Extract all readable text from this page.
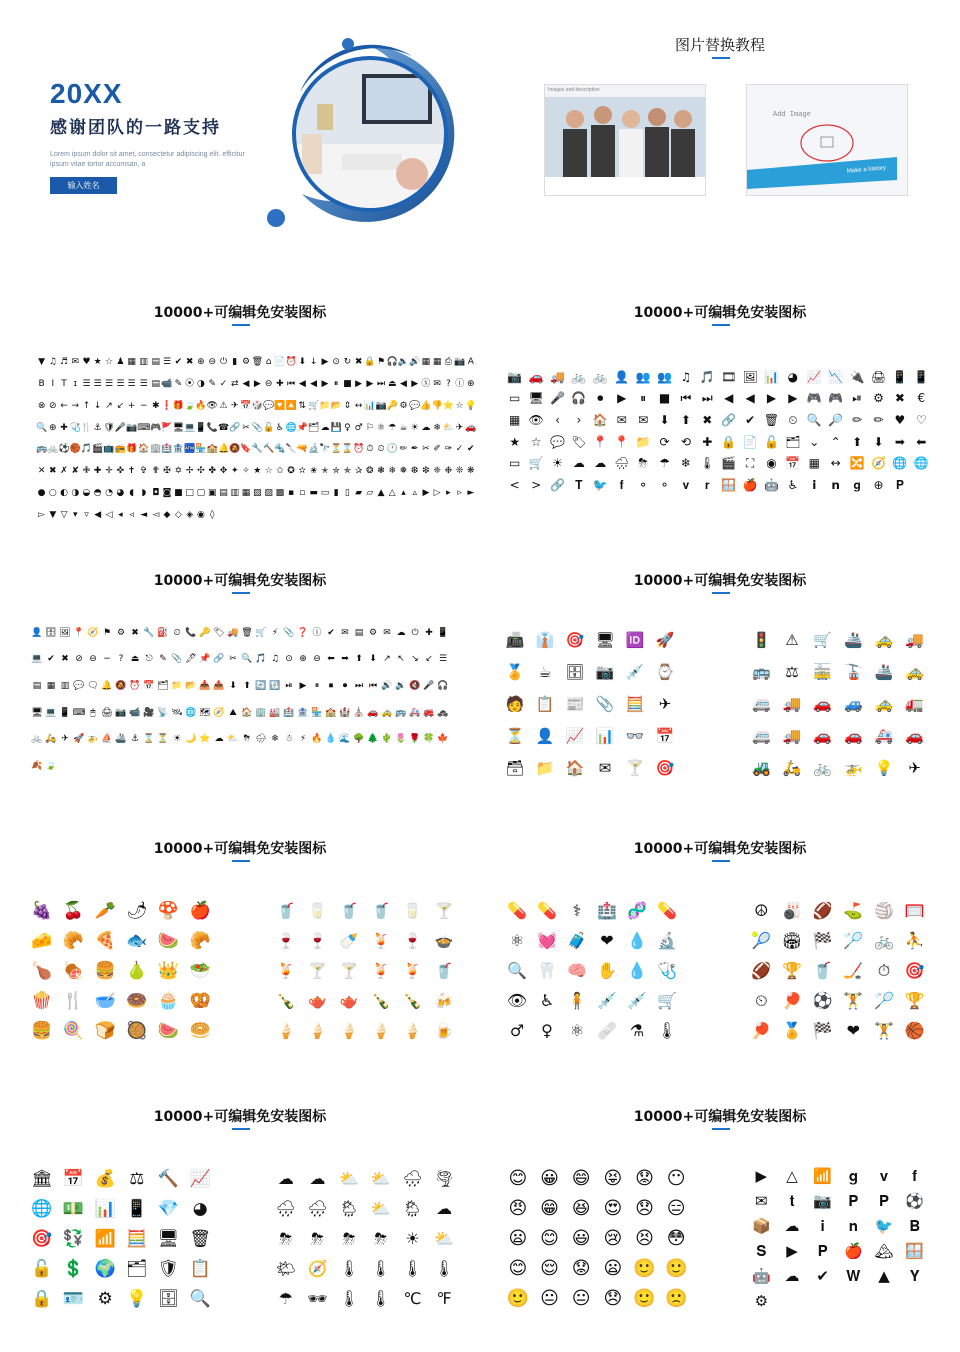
20XX
感谢团队的一路支持
Lorem ipsum dolor sit amet, consectetur adipiscing elit. efficitur ipsum vitae tortor accumsan, a
输入姓名
图片替换教程
Images and description
Add Image
Make a history
10000+可编辑免安装图标
▼ ♫ ♬ ✉ ♥ ★ ☆ ♟ ▦ ▥ ▤ ☰ ✔ ✖ ⊕ ⊖ ⏻ ▮ ⚙ 🗑 ⌂ 📄 ⏰ ⬇ ↓ ▶ ⊙ ↻ ✖ 🔒 ⚑ 🎧 🔉 🔊 ▦ ▦ ⎙ 📷 A
B I T ɪ ☰ ☰ ☰ ☰ ☰ ☰ ▤ 📹 ✎ ⦿ ◑ ✎ ✓ ⇄ ◀ ▶ ⊖ ✚ ⏮ ◀ ◀ ▶ ⏸ ■ ▶ ▶ ⏭ ⏏ ◀ ▶ ⓧ ✉ ? ⓘ ⊕
⊗ ⊘ ← → ↑ ↓ ↗ ↙ + − ✱ ❗ 🎁 🍃 🔥 👁 ⚠ ✈ 📅 🎲 💬 🔽 🔼 ⇅ 🛒 📁 📂 ⇕ ↔ 📊 📷 🔑 ⚙ 💬 👍 👎 ⭐ ☆ 💡
🔍 ⊕ ✚ 🩺 🍴 ⚓ 🛡 🎤 📷 ⌨ 🎮 🚩 🖥 💻 📱 📞 ☎ 🔗 ✂ 📎 🔓 ♿ 🌐 📌 🗂 ☁ 💾 ♀ ♂ ⚐ ⚛ ☂ ☕ ☀ ☁ ❄ ⛅ ✈ 🚗
🚌 🚲 ⚽ 🏀 🎵 🎬 📺 📻 🎁 🏠 🏢 🏥 🏦 🏧 🏪 🏫 🔔 🔕 🔖 🔧 🔨 🔩 🔪 🔫 🔬 🔭 ⏳ ⌛ ⏰ ⏱ ⏲ 🕐 ✏ ✒ ✂ ✐ ✑ ✓ ✔
✕ ✖ ✗ ✘ ✙ ✚ ✛ ✜ ✝ ✞ ✟ ✠ ✡ ✢ ✣ ✤ ✥ ✦ ✧ ★ ☆ ✩ ✪ ✫ ✬ ✭ ✮ ✯ ✰ ❂ ❃ ❄ ❅ ❆ ❇ ❈ ❉ ❊ ❋
● ○ ◐ ◑ ◒ ◓ ◔ ◕ ◖ ◗ ◘ ◙ ■ □ ▢ ▣ ▤ ▥ ▦ ▧ ▨ ▩ ▪ ▫ ▬ ▭ ▮ ▯ ▰ ▱ ▲ △ ▴ ▵ ▶ ▷ ▸ ▹ ►
▻ ▼ ▽ ▾ ▿ ◀ ◁ ◂ ◃ ◄ ◅ ◆ ◇ ◈ ◉ ◊
10000+可编辑免安装图标
📷 🚗 🚚 🚲 🚲 👤 👥 👥 ♫ 🎵 🎞 🖼 📊 ◕ 📈 📉 🔌 🖨 📱 📱
▭ 🖥 🎤 🎧 ⏺ ▶ ⏸ ■ ⏮ ⏭ ◀ ◀ ▶ ▶ 🎮 🎮 ⏯ ⚙ ✖ €
▦ 👁 ‹ › 🏠 ✉ ✉ ⬇ ⬆ ✖ 🔗 ✔ 🗑 ⏲ 🔍 🔎 ✏ ✏ ♥ ♡
★ ☆ 💬 🏷 📍 📍 📁 ⟳ ⟲ ✚ 🔒 📄 🔓 🗂 ⌄ ⌃ ⬆ ⬇ ➡ ⬅
▭ 🛒 ☀ ☁ ☁ 🌧 ⛈ ☂ ❄ 🌡 🎬 ⛶ ◉ 📅 ▦ ↔ 🔀 🧭 🌐 🌐
< > 🔗 𝐓 🐦 𝐟 ⚬ ⚬ 𝐯 𝐫 🪟 🍎 🤖 ♿ 𝗶 𝗻 𝐠 ⊕ 𝐏
10000+可编辑免安装图标
👤 🗄 🖼 📍 🧭 ⚑ ⚙ ✖ 🔧 ⛽ ⏲ 📞 🔑 🏷 🚚 🗑 🛒 ⚡ 📎 ❓ ⓘ ✔ ✉ ▤ ⚙ ✉ ☁ ⏻ ✚ 📱
💻 ✔ ✖ ⊘ ⊖ − ? ⏏ ⎋ ✎ 📎 🖊 📌 🔗 ✂ 🔍 🎵 ♫ ⊙ ⊕ ⊖ ⬅ ➡ ⬆ ⬇ ↗ ↖ ↘ ↙ ☰
▤ ▦ ▥ 💬 🗨 🔔 🔕 ⏰ 📅 🗂 📁 📂 📥 📤 ⬇ ⬆ 🔄 🔃 ⏯ ▶ ⏸ ⏹ ⏺ ⏭ ⏮ 🔊 🔉 🔇 🎤 🎧
🖥 💻 📱 ⌨ 🖱 🖨 📷 📹 🎥 📡 🛰 🌐 🗺 🧭 ⛰ 🏠 🏢 🏭 🏥 🏦 🏪 🏫 🏰 ⛪ 🚗 🚕 🚌 🚑 🚒 🚓
🚲 🛵 ✈ 🚀 🚁 ⛵ 🚢 ⚓ ⌛ ⏳ ☀ 🌙 ⭐ ☁ ⛅ ⛈ 🌧 ❄ ☃ ⚡ 🔥 💧 🌊 🌳 🌲 🌵 🌷 🌹 🍀 🍁
🍂 🍃
10000+可编辑免安装图标
📠 👔 🎯 🖥 🆔 🚀
🏅 ☕ 🗄 📷 💉 ⌚
🧑 📋 📰 📎 🧮 ✈
⏳ 👤 📈 📊 👓 📅
🗃 📁 🏠 ✉ 🍸 🎯
🚦 ⚠ 🛒 🚢 🚕 🚚
🚌 ⚖ 🚋 🚡 🚢 🚕
🚐 🚚 🚗 🚙 🚕 🚛
🚐 🚚 🚗 🚗 🚑 🚗
🚜 🛵 🚲 🚁 💡 ✈
10000+可编辑免安装图标
🍇 🍒 🥕 🌶 🍄 🍎
🧀 🥐 🍕 🐟 🍉 🥐
🍗 🍖 🍔 🍐 👑 🥗
🍿 🍴 🥣 🍩 🧁 🥨
🍔 🍭 🍞 🥘 🍉 🥯
🥤 🥛 🥤 🥤 🥛 🍸
🍷 🍷 🍼 🍹 🍷 🍲
🍹 🍸 🍸 🍹 🍹 🥤
🍾 🫖 🫖 🍾 🍾 🍻
🍦 🍦 🍦 🍦 🍦 🍺
10000+可编辑免安装图标
💊 💊 ⚕ 🏥 🧬 💊
⚛ 💓 🧳 ❤ 💧 🔬
🔍 🦷 🧠 ✋ 💧 🩺
👁 ♿ 🧍 💉 💉 🛒
♂ ♀ ⚛ 🩹 ⚗ 🌡
☮ 🎳 🏈 ⛳ 🏐 🥅
🎾 🏟 🏁 🏸 🚲 ⛹
🏈 🏆 🥤 🏒 ⏱ 🎯
⏲ 🏓 ⚽ 🏋 🏸 🏆
🏓 🏅 🏁 ❤ 🏋 🏀
10000+可编辑免安装图标
🏛 📅 💰 ⚖ 🔨 📈
🌐 💵 📊 📱 💎 ◕
🎯 💱 📶 🧮 🖥 🗑
🔓 💲 🌍 🗂 🛡 📋
🔒 🪪 ⚙ 💡 🗄 🔍
☁ ☁ ⛅ ⛅ 🌧 🌪
🌧 🌧 🌦 ⛅ 🌦 ☁
⛈ ⛈ ⛈ ⛈ ☀ ⛅
🌤 🧭 🌡 🌡 🌡 🌡
☂ 🕶 🌡 🌡 ℃ ℉
10000+可编辑免安装图标
😊 😀 😄 😝 😟 😶
😠 😁 😆 😍 😞 😑
😦 😊 😃 😢 😣 😳
😊 😌 😟 😦 🙂 🙂
🙂 😐 😐 😞 🙂 🙁
▶ △ 📶 𝐠 𝐯 𝐟
✉ 𝐭 📷 𝐏 𝐏 ⚽
📦 ☁ 𝐢 𝐧 🐦 𝐁
𝐒 ▶ 𝐏 🍎 🏔 🪟
🤖 ☁ ✔ 𝐖 ▲ 𝐘
⚙
